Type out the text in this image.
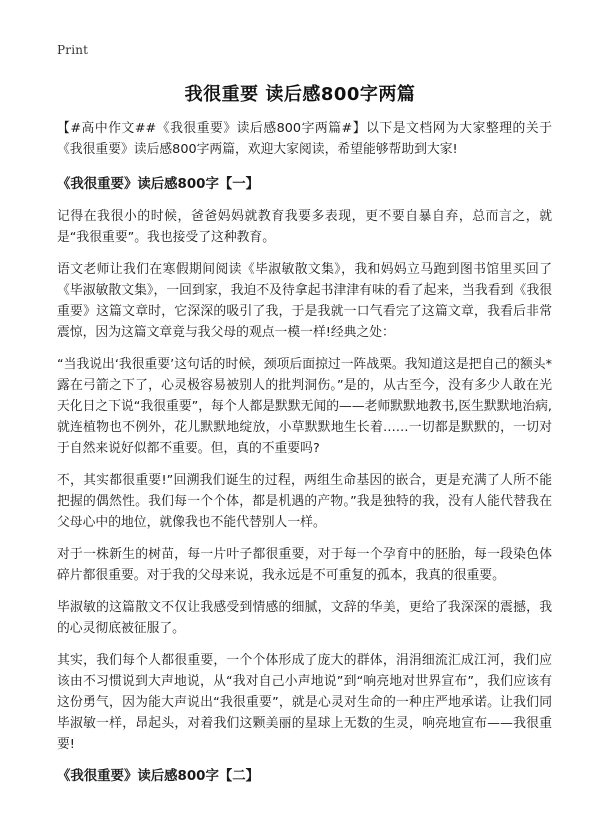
Print
我很重要 读后感800字两篇

【#高中作文##《我很重要》读后感800字两篇#】以下是文档网为大家整理的关于《我很重要》读后感800字两篇，欢迎大家阅读，希望能够帮助到大家!

《我很重要》读后感800字【一】

记得在我很小的时候，爸爸妈妈就教育我要多表现，更不要自暴自弃，总而言之，就是“我很重要”。我也接受了这种教育。

语文老师让我们在寒假期间阅读《毕淑敏散文集》，我和妈妈立马跑到图书馆里买回了《毕淑敏散文集》，一回到家，我迫不及待拿起书津津有味的看了起来，当我看到《我很重要》这篇文章时，它深深的吸引了我，于是我就一口气看完了这篇文章，我看后非常震惊，因为这篇文章竟与我父母的观点一模一样!经典之处：

“当我说出‘我很重要’这句话的时候，颈项后面掠过一阵战栗。我知道这是把自己的额头*露在弓箭之下了，心灵极容易被别人的批判洞伤。”是的，从古至今，没有多少人敢在光天化日之下说“我很重要”，每个人都是默默无闻的——老师默默地教书,医生默默地治病,就连植物也不例外，花儿默默地绽放，小草默默地生长着……一切都是默默的，一切对于自然来说好似都不重要。但，真的不重要吗?

不，其实都很重要!”回溯我们诞生的过程，两组生命基因的嵌合，更是充满了人所不能把握的偶然性。我们每一个个体，都是机遇的产物。”我是独特的我，没有人能代替我在父母心中的地位，就像我也不能代替别人一样。

对于一株新生的树苗，每一片叶子都很重要，对于每一个孕育中的胚胎，每一段染色体碎片都很重要。对于我的父母来说，我永远是不可重复的孤本，我真的很重要。

毕淑敏的这篇散文不仅让我感受到情感的细腻，文辞的华美，更给了我深深的震撼，我的心灵彻底被征服了。

其实，我们每个人都很重要，一个个体形成了庞大的群体，涓涓细流汇成江河，我们应该由不习惯说到大声地说，从“我对自己小声地说”到“响亮地对世界宣布”，我们应该有这份勇气，因为能大声说出“我很重要”，就是心灵对生命的一种庄严地承诺。让我们同毕淑敏一样，昂起头，对着我们这颗美丽的星球上无数的生灵，响亮地宣布——我很重要!

《我很重要》读后感800字【二】
